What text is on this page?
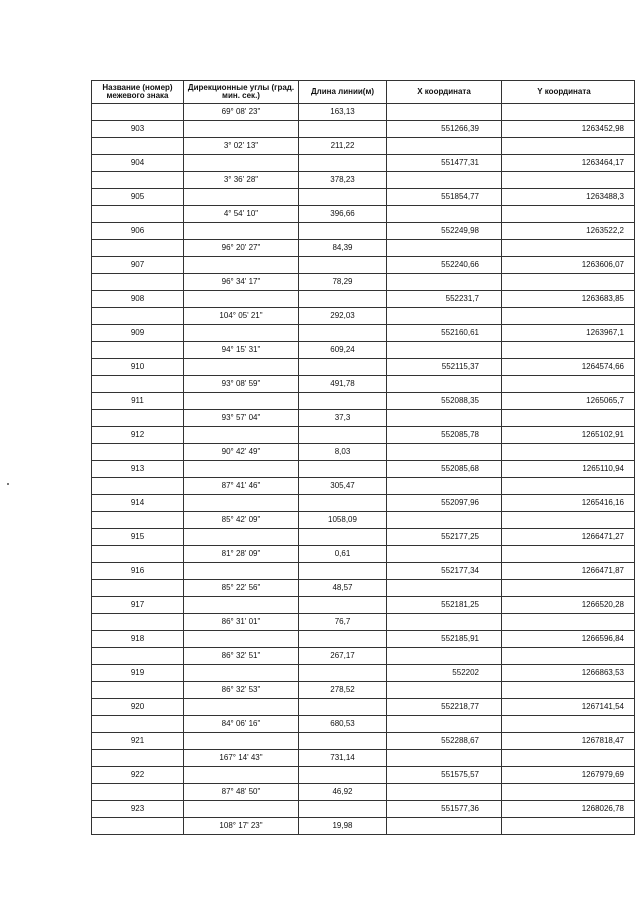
Название (номер) межевого знака	Дирекционные углы (град. мин. сек.)	Длина линии(м)	X координата	Y координата
	69° 08' 23"	163,13		
903			551266,39	1263452,98
	3° 02' 13"	211,22		
904			551477,31	1263464,17
	3° 36' 28"	378,23		
905			551854,77	1263488,3
	4° 54' 10"	396,66		
906			552249,98	1263522,2
	96° 20' 27"	84,39		
907			552240,66	1263606,07
	96° 34' 17"	78,29		
908			552231,7	1263683,85
	104° 05' 21"	292,03		
909			552160,61	1263967,1
	94° 15' 31"	609,24		
910			552115,37	1264574,66
	93° 08' 59"	491,78		
911			552088,35	1265065,7
	93° 57' 04"	37,3		
912			552085,78	1265102,91
	90° 42' 49"	8,03		
913			552085,68	1265110,94
	87° 41' 46"	305,47		
914			552097,96	1265416,16
	85° 42' 09"	1058,09		
915			552177,25	1266471,27
	81° 28' 09"	0,61		
916			552177,34	1266471,87
	85° 22' 56"	48,57		
917			552181,25	1266520,28
	86° 31' 01"	76,7		
918			552185,91	1266596,84
	86° 32' 51"	267,17		
919			552202	1266863,53
	86° 32' 53"	278,52		
920			552218,77	1267141,54
	84° 06' 16"	680,53		
921			552288,67	1267818,47
	167° 14' 43"	731,14		
922			551575,57	1267979,69
	87° 48' 50"	46,92		
923			551577,36	1268026,78
	108° 17' 23"	19,98		
